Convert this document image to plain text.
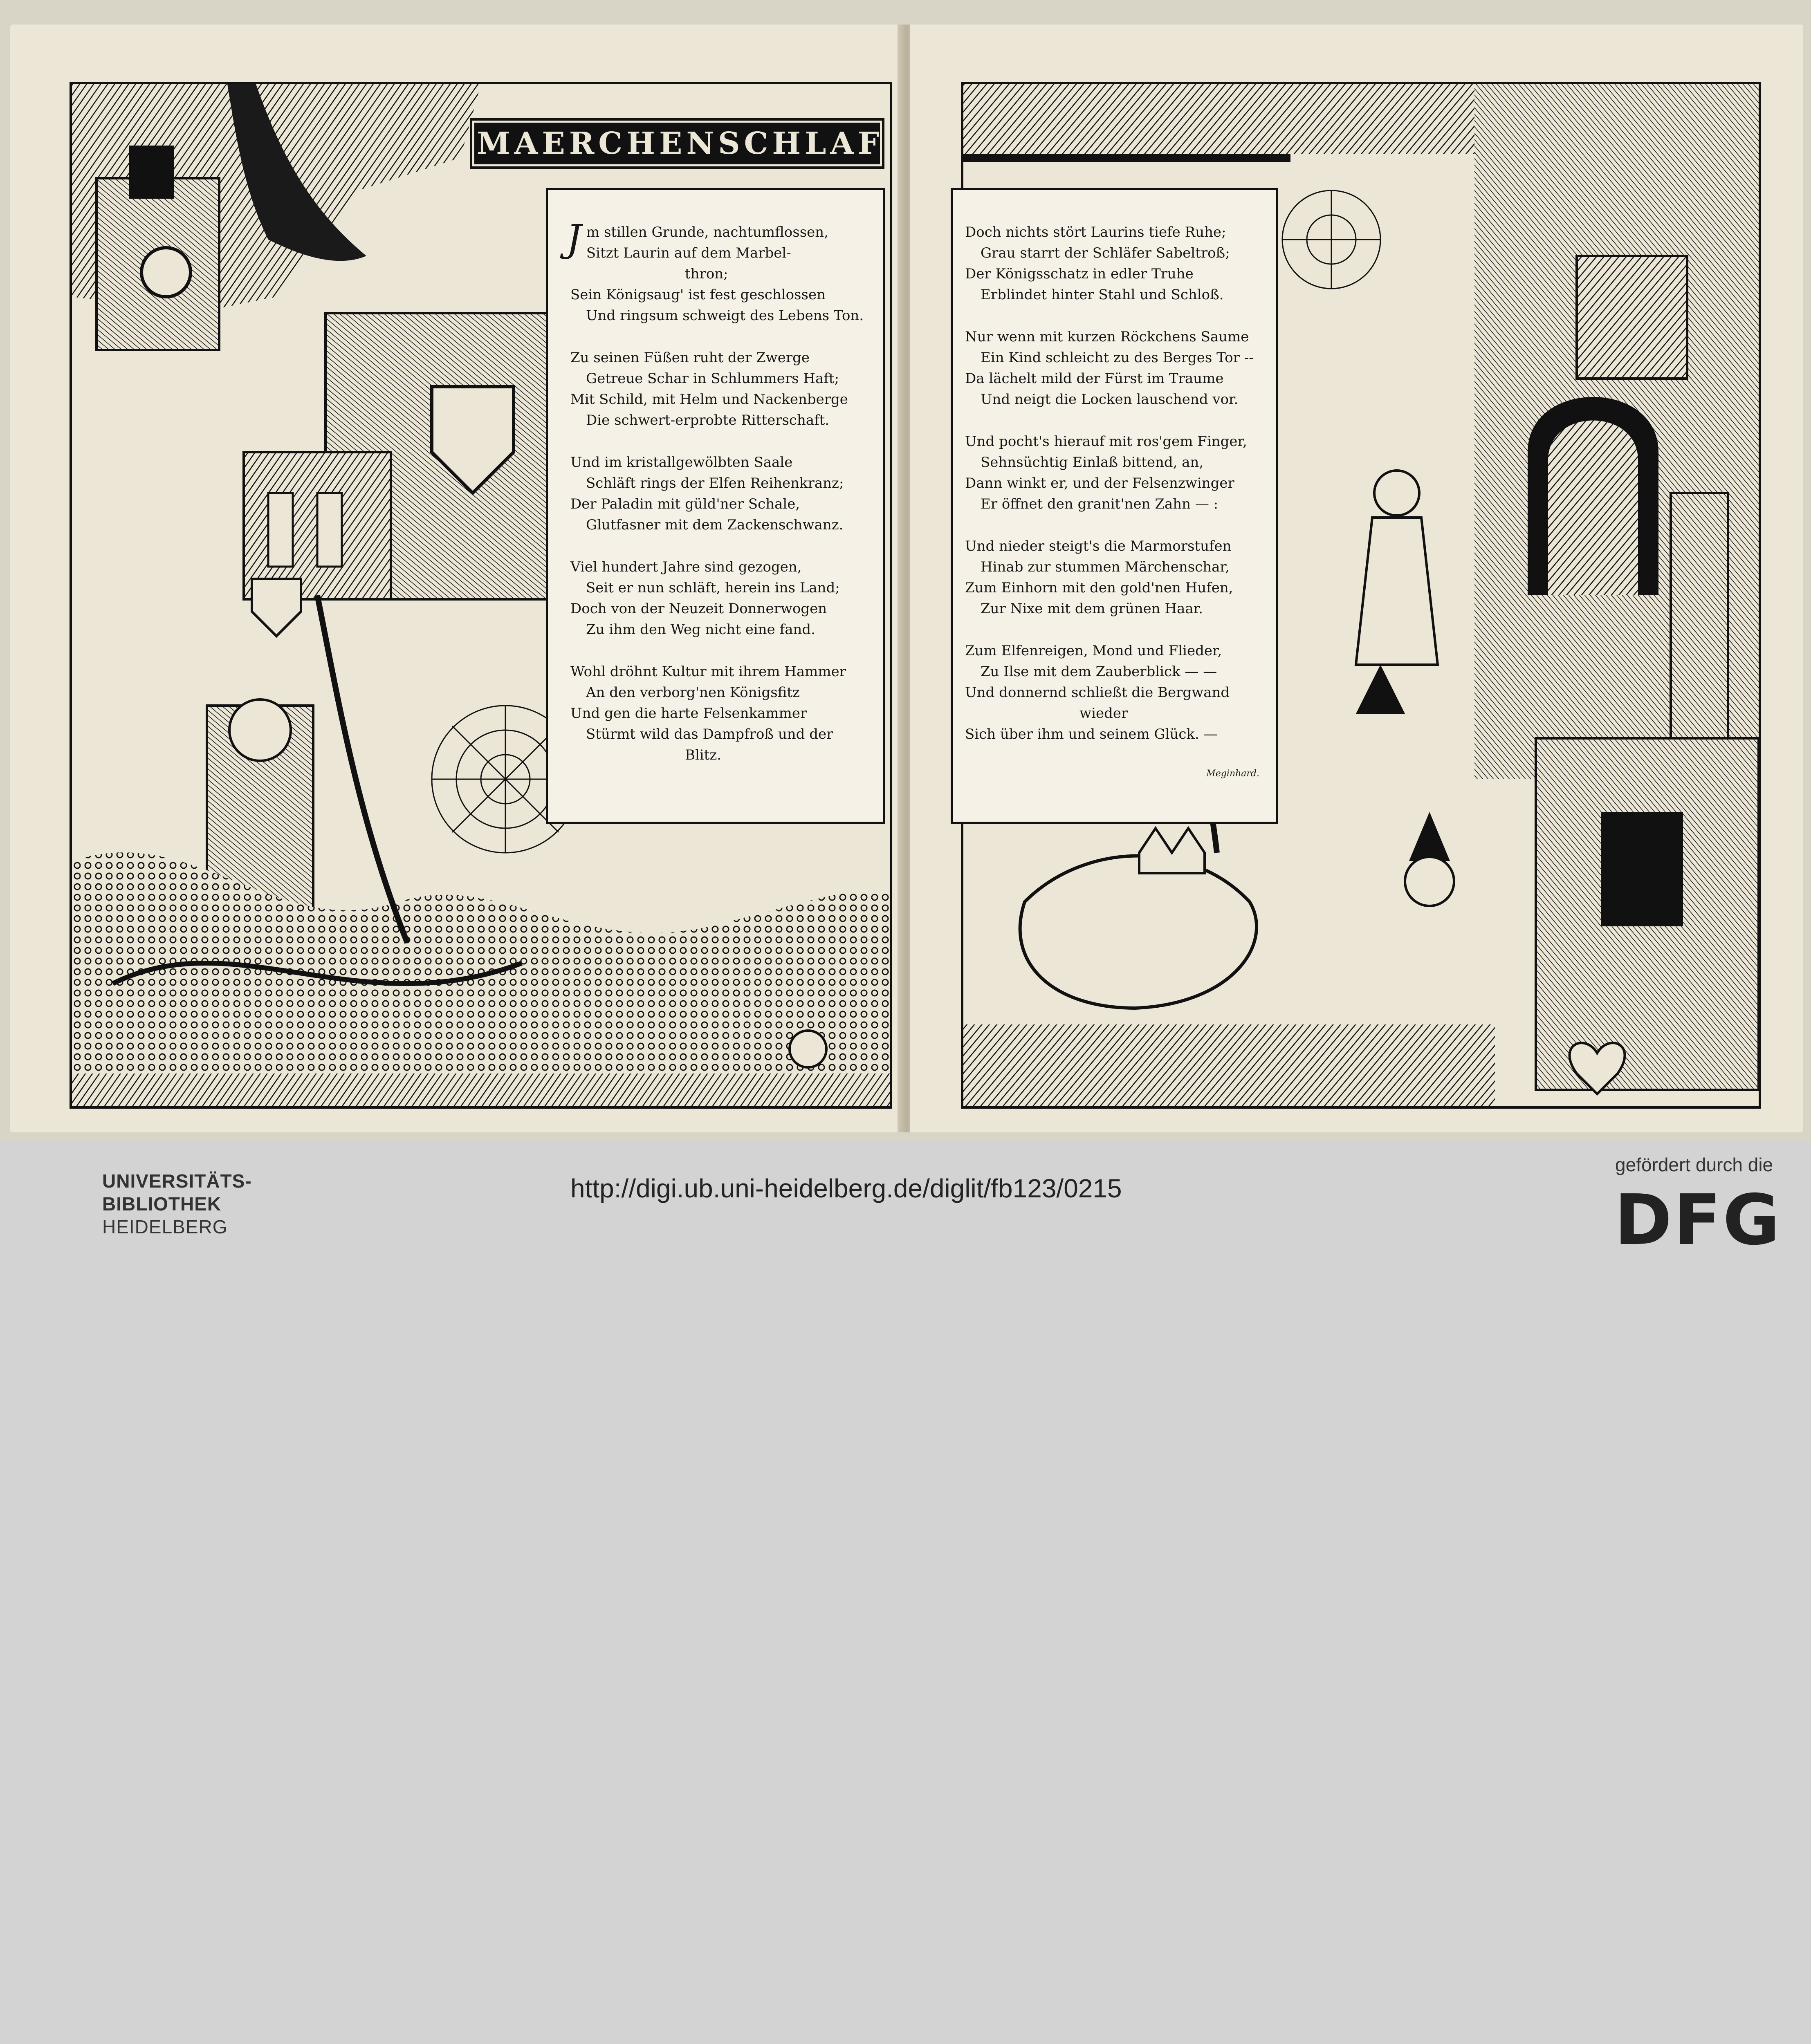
MAERCHENSCHLAF
Jm stillen Grunde, nachtumflossen,
Sitzt Laurin auf dem Marbel-
thron;
Sein Königsaug' ist fest geschlossen
Und ringsum schweigt des Lebens Ton.
Zu seinen Füßen ruht der Zwerge
Getreue Schar in Schlummers Haft;
Mit Schild, mit Helm und Nackenberge
Die schwert-erprobte Ritterschaft.
Und im kristallgewölbten Saale
Schläft rings der Elfen Reihenkranz;
Der Paladin mit güld'ner Schale,
Glutfasner mit dem Zackenschwanz.
Viel hundert Jahre sind gezogen,
Seit er nun schläft, herein ins Land;
Doch von der Neuzeit Donnerwogen
Zu ihm den Weg nicht eine fand.
Wohl dröhnt Kultur mit ihrem Hammer
An den verborg'nen Königsfitz
Und gen die harte Felsenkammer
Stürmt wild das Dampfroß und der
Blitz.
Doch nichts stört Laurins tiefe Ruhe;
Grau starrt der Schläfer Sabeltroß;
Der Königsschatz in edler Truhe
Erblindet hinter Stahl und Schloß.
Nur wenn mit kurzen Röckchens Saume
Ein Kind schleicht zu des Berges Tor --
Da lächelt mild der Fürst im Traume
Und neigt die Locken lauschend vor.
Und pocht's hierauf mit ros'gem Finger,
Sehnsüchtig Einlaß bittend, an,
Dann winkt er, und der Felsenzwinger
Er öffnet den granit'nen Zahn — :
Und nieder steigt's die Marmorstufen
Hinab zur stummen Märchenschar,
Zum Einhorn mit den gold'nen Hufen,
Zur Nixe mit dem grünen Haar.
Zum Elfenreigen, Mond und Flieder,
Zu Ilse mit dem Zauberblick — —
Und donnernd schließt die Bergwand
wieder
Sich über ihm und seinem Glück. —
Meginhard.
UNIVERSITÄTS-
BIBLIOTHEK
HEIDELBERG
http://digi.ub.uni-heidelberg.de/diglit/fb123/0215
gefördert durch die
DFG
